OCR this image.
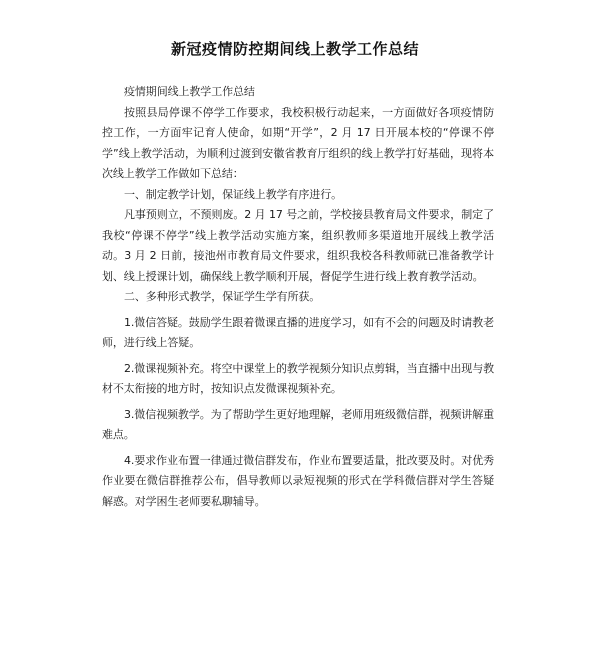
新冠疫情防控期间线上教学工作总结

疫情期间线上教学工作总结

按照县局停课不停学工作要求，我校积极行动起来，一方面做好各项疫情防控工作，一方面牢记育人使命，如期“开学”，2 月 17 日开展本校的“停课不停学”线上教学活动，为顺利过渡到安徽省教育厅组织的线上教学打好基础，现将本次线上教学工作做如下总结：

一、制定教学计划，保证线上教学有序进行。

凡事预则立，不预则废。2 月 17 号之前，学校接县教育局文件要求，制定了我校“停课不停学”线上教学活动实施方案，组织教师多渠道地开展线上教学活动。3 月 2 日前，接池州市教育局文件要求，组织我校各科教师就已准备教学计划、线上授课计划，确保线上教学顺利开展，督促学生进行线上教育教学活动。

二、多种形式教学，保证学生学有所获。

1.微信答疑。鼓励学生跟着微课直播的进度学习，如有不会的问题及时请教老师，进行线上答疑。

2.微课视频补充。将空中课堂上的教学视频分知识点剪辑，当直播中出现与教材不太衔接的地方时，按知识点发微课视频补充。

3.微信视频教学。为了帮助学生更好地理解，老师用班级微信群，视频讲解重难点。

4.要求作业布置一律通过微信群发布，作业布置要适量，批改要及时。对优秀作业要在微信群推荐公布，倡导教师以录短视频的形式在学科微信群对学生答疑解惑。对学困生老师要私聊辅导。
